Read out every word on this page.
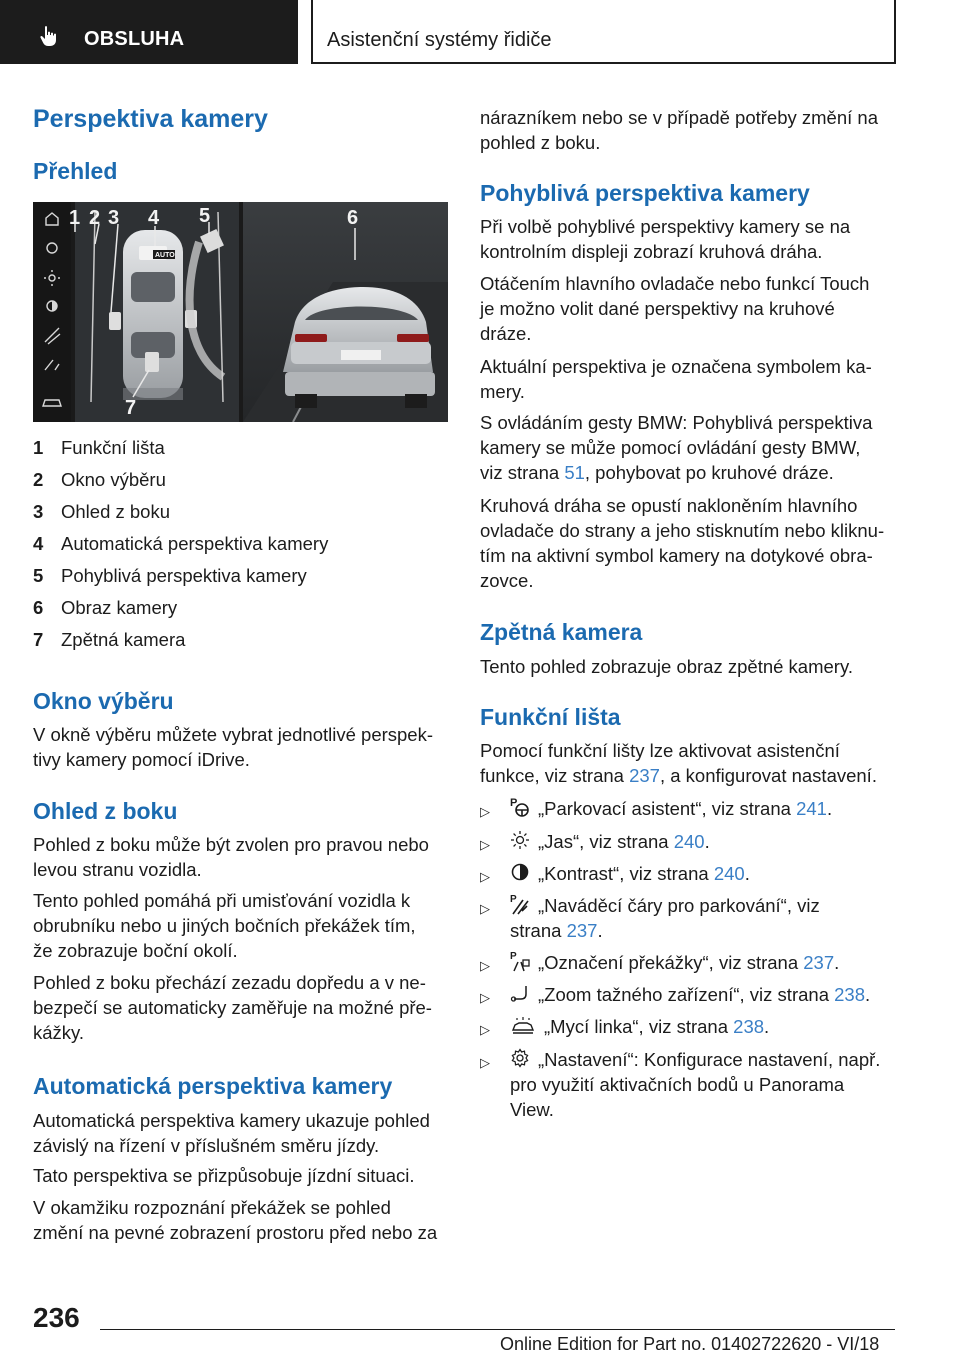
OBSLUHA	Asistenční systémy řidiče
Perspektiva kamery
Přehled
AUTO
1 2 3 4 5	6
7
1 Funkční lišta
2 Okno výběru
3 Ohled z boku
4 Automatická perspektiva kamery
5 Pohyblivá perspektiva kamery
6 Obraz kamery
7 Zpětná kamera
Okno výběru
V okně výběru můžete vybrat jednotlivé perspek-
tivy kamery pomocí iDrive.
Ohled z boku
Pohled z boku může být zvolen pro pravou nebo
levou stranu vozidla.
Tento pohled pomáhá při umisťování vozidla k
obrubníku nebo u jiných bočních překážek tím,
že zobrazuje boční okolí.
Pohled z boku přechází zezadu dopředu a v ne-
bezpečí se automaticky zaměřuje na možné pře-
kážky.
Automatická perspektiva kamery
Automatická perspektiva kamery ukazuje pohled
závislý na řízení v příslušném směru jízdy.
Tato perspektiva se přizpůsobuje jízdní situaci.
V okamžiku rozpoznání překážek se pohled
změní na pevné zobrazení prostoru před nebo za
nárazníkem nebo se v případě potřeby změní na
pohled z boku.
Pohyblivá perspektiva kamery
Při volbě pohyblivé perspektivy kamery se na
kontrolním displeji zobrazí kruhová dráha.
Otáčením hlavního ovladače nebo funkcí Touch
je možno volit dané perspektivy na kruhové
dráze.
Aktuální perspektiva je označena symbolem ka-
mery.
S ovládáním gesty BMW: Pohyblivá perspektiva
kamery se může pomocí ovládání gesty BMW,
viz strana 51, pohybovat po kruhové dráze.
Kruhová dráha se opustí nakloněním hlavního
ovladače do strany a jeho stisknutím nebo kliknu-
tím na aktivní symbol kamery na dotykové obra-
zovce.
Zpětná kamera
Tento pohled zobrazuje obraz zpětné kamery.
Funkční lišta
Pomocí funkční lišty lze aktivovat asistenční
funkce, viz strana 237, a konfigurovat nastavení.
▷
P „Parkovací asistent“, viz strana 241.
▷	„Jas“, viz strana 240.
▷	„Kontrast“, viz strana 240.
▷
P „Naváděcí čáry pro parkování“, viz
strana 237.
▷
P „Označení překážky“, viz strana 237.
▷	„Zoom tažného zařízení“, viz strana 238.
▷	„Mycí linka“, viz strana 238.
▷	„Nastavení“: Konfigurace nastavení, např.
pro využití aktivačních bodů u Panorama
View.
236
Online Edition for Part no. 01402722620 - VI/18
